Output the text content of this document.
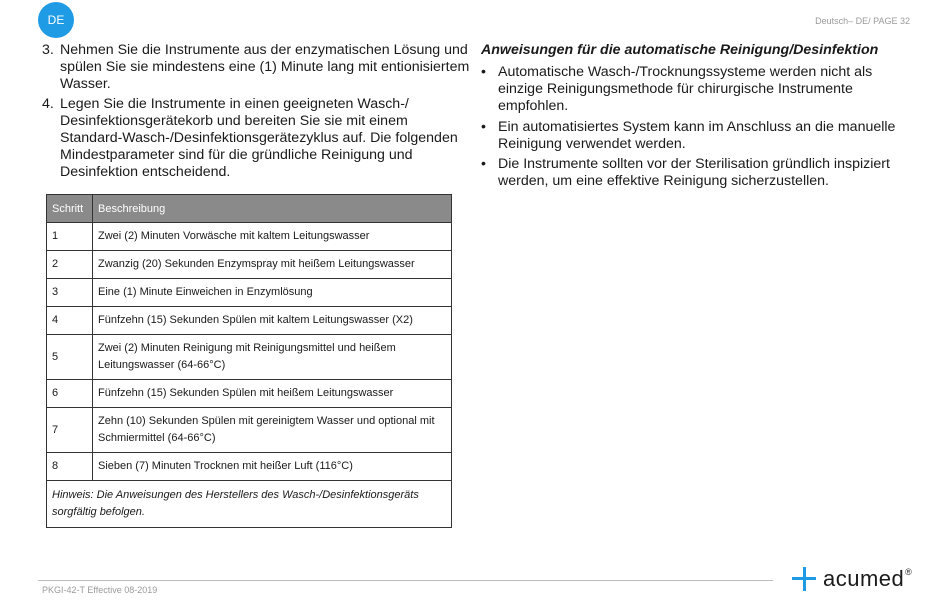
DE	Deutsch– DE/ PAGE 32
3. Nehmen Sie die Instrumente aus der enzymatischen Lösung und spülen Sie sie mindestens eine (1) Minute lang mit entionisiertem Wasser.
4. Legen Sie die Instrumente in einen geeigneten Wasch-/ Desinfektionsgerätekorb und bereiten Sie sie mit einem Standard-Wasch-/Desinfektionsgerätezyklus auf. Die folgenden Mindestparameter sind für die gründliche Reinigung und Desinfektion entscheidend.
Schritt	Beschreibung
1	Zwei (2) Minuten Vorwäsche mit kaltem Leitungswasser
2	Zwanzig (20) Sekunden Enzymspray mit heißem Leitungswasser
3	Eine (1) Minute Einweichen in Enzymlösung
4	Fünfzehn (15) Sekunden Spülen mit kaltem Leitungswasser (X2)
5	Zwei (2) Minuten Reinigung mit Reinigungsmittel und heißem Leitungswasser (64-66°C)
6	Fünfzehn (15) Sekunden Spülen mit heißem Leitungswasser
7	Zehn (10) Sekunden Spülen mit gereinigtem Wasser und optional mit Schmiermittel (64-66°C)
8	Sieben (7) Minuten Trocknen mit heißer Luft (116°C)
Hinweis: Die Anweisungen des Herstellers des Wasch-/Desinfektionsgeräts sorgfältig befolgen.	
Anweisungen für die automatische Reinigung/Desinfektion
• Automatische Wasch-/Trocknungssysteme werden nicht als einzige Reinigungsmethode für chirurgische Instrumente empfohlen.
• Ein automatisiertes System kann im Anschluss an die manuelle Reinigung verwendet werden.
• Die Instrumente sollten vor der Sterilisation gründlich inspiziert werden, um eine effektive Reinigung sicherzustellen.
PKGI-42-T Effective 08-2019	acumed ®
